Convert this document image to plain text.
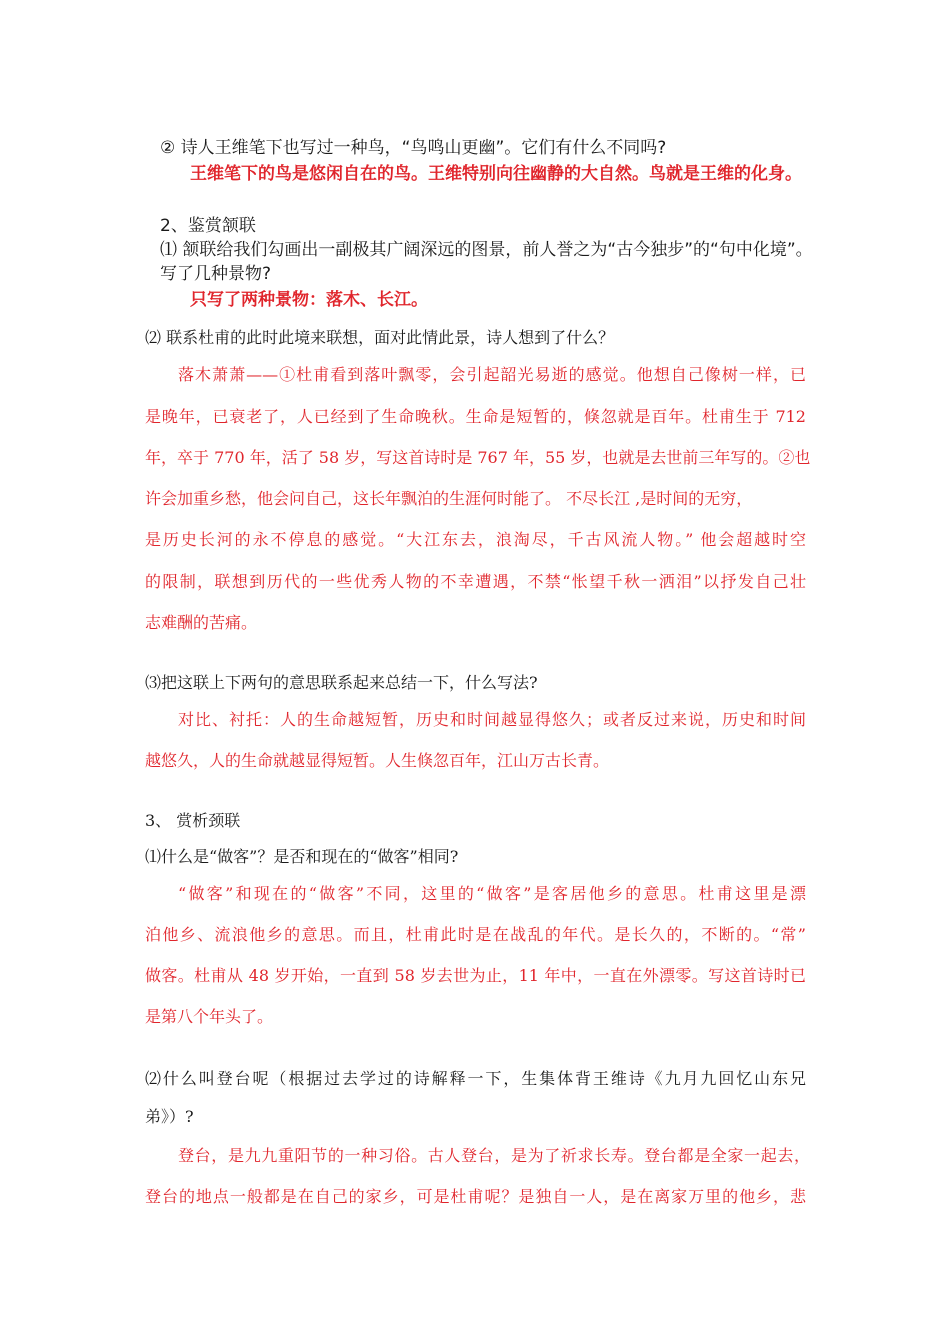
② 诗人王维笔下也写过一种鸟，“鸟鸣山更幽”。它们有什么不同吗?
王维笔下的鸟是悠闲自在的鸟。王维特别向往幽静的大自然。鸟就是王维的化身。
2、鉴赏颔联
⑴ 颔联给我们勾画出一副极其广阔深远的图景，前人誉之为“古今独步”的“句中化境”。
写了几种景物?
只写了两种景物：落木、长江。
⑵ 联系杜甫的此时此境来联想，面对此情此景，诗人想到了什么？
落木萧萧——①杜甫看到落叶飘零，会引起韶光易逝的感觉。他想自己像树一样，已
是晚年，已衰老了，人已经到了生命晚秋。生命是短暂的，倏忽就是百年。杜甫生于 712
年，卒于 770 年，活了 58 岁，写这首诗时是 767 年，55 岁，也就是去世前三年写的。②也
许会加重乡愁，他会问自己，这长年飘泊的生涯何时能了。 不尽长江 ,是时间的无穷，
是历史长河的永不停息的感觉。“大江东去，浪淘尽，千古风流人物。” 他会超越时空
的限制，联想到历代的一些优秀人物的不幸遭遇，不禁“怅望千秋一洒泪”以抒发自己壮
志难酬的苦痛。
⑶把这联上下两句的意思联系起来总结一下，什么写法?
对比、衬托：人的生命越短暂，历史和时间越显得悠久；或者反过来说，历史和时间
越悠久，人的生命就越显得短暂。人生倏忽百年，江山万古长青。
3、 赏析颈联
⑴什么是“做客”？是否和现在的“做客”相同?
“做客”和现在的“做客”不同，这里的“做客”是客居他乡的意思。杜甫这里是漂
泊他乡、流浪他乡的意思。而且，杜甫此时是在战乱的年代。是长久的，不断的。“常”
做客。杜甫从 48 岁开始，一直到 58 岁去世为止，11 年中，一直在外漂零。写这首诗时已
是第八个年头了。
⑵什么叫登台呢（根据过去学过的诗解释一下，生集体背王维诗《九月九回忆山东兄
弟》）?
登台，是九九重阳节的一种习俗。古人登台，是为了祈求长寿。登台都是全家一起去，
登台的地点一般都是在自己的家乡，可是杜甫呢？是独自一人，是在离家万里的他乡，悲
